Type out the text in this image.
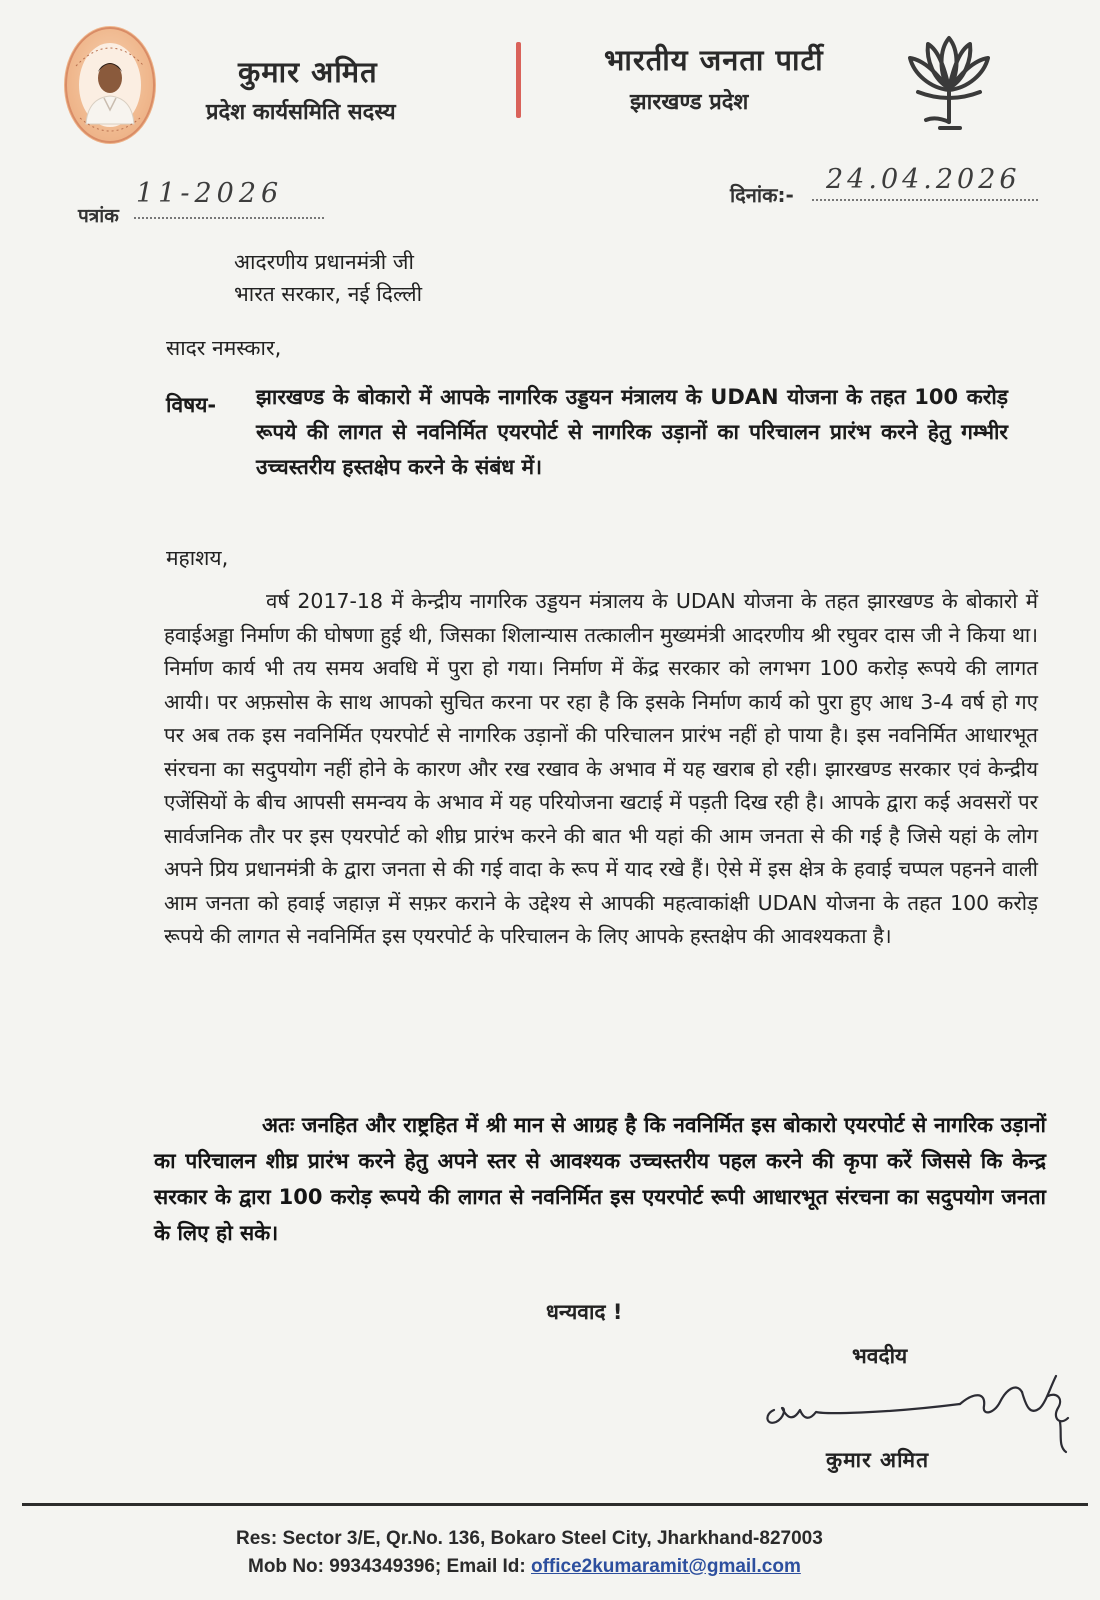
कुमार अमित
प्रदेश कार्यसमिति सदस्य
भारतीय जनता पार्टी
झारखण्ड प्रदेश
पत्रांक
11-2026	दिनांक:- 24.04.2026
आदरणीय प्रधानमंत्री जी
भारत सरकार, नई दिल्ली
सादर नमस्कार,
विषय- झारखण्ड के बोकारो में आपके नागरिक उड्डयन मंत्रालय के UDAN योजना के तहत 100 करोड़ रूपये की लागत से नवनिर्मित एयरपोर्ट से नागरिक उड़ानों का परिचालन प्रारंभ करने हेतु गम्भीर उच्चस्तरीय हस्तक्षेप करने के संबंध में।

महाशय,

वर्ष 2017-18 में केन्द्रीय नागरिक उड्डयन मंत्रालय के UDAN योजना के तहत झारखण्ड के बोकारो में हवाईअड्डा निर्माण की घोषणा हुई थी, जिसका शिलान्यास तत्कालीन मुख्यमंत्री आदरणीय श्री रघुवर दास जी ने किया था। निर्माण कार्य भी तय समय अवधि में पुरा हो गया। निर्माण में केंद्र सरकार को लगभग 100 करोड़ रूपये की लागत आयी। पर अफ़सोस के साथ आपको सुचित करना पर रहा है कि इसके निर्माण कार्य को पुरा हुए आध 3-4 वर्ष हो गए पर अब तक इस नवनिर्मित एयरपोर्ट से नागरिक उड़ानों की परिचालन प्रारंभ नहीं हो पाया है। इस नवनिर्मित आधारभूत संरचना का सदुपयोग नहीं होने के कारण और रख रखाव के अभाव में यह खराब हो रही। झारखण्ड सरकार एवं केन्द्रीय एजेंसियों के बीच आपसी समन्वय के अभाव में यह परियोजना खटाई में पड़ती दिख रही है। आपके द्वारा कई अवसरों पर सार्वजनिक तौर पर इस एयरपोर्ट को शीघ्र प्रारंभ करने की बात भी यहां की आम जनता से की गई है जिसे यहां के लोग अपने प्रिय प्रधानमंत्री के द्वारा जनता से की गई वादा के रूप में याद रखे हैं। ऐसे में इस क्षेत्र के हवाई चप्पल पहनने वाली आम जनता को हवाई जहाज़ में सफ़र कराने के उद्देश्य से आपकी महत्वाकांक्षी UDAN योजना के तहत 100 करोड़ रूपये की लागत से नवनिर्मित इस एयरपोर्ट के परिचालन के लिए आपके हस्तक्षेप की आवश्यकता है।

अतः जनहित और राष्ट्रहित में श्री मान से आग्रह है कि नवनिर्मित इस बोकारो एयरपोर्ट से नागरिक उड़ानों का परिचालन शीघ्र प्रारंभ करने हेतु अपने स्तर से आवश्यक उच्चस्तरीय पहल करने की कृपा करें जिससे कि केन्द्र सरकार के द्वारा 100 करोड़ रूपये की लागत से नवनिर्मित इस एयरपोर्ट रूपी आधारभूत संरचना का सदुपयोग जनता के लिए हो सके।

धन्यवाद !
भवदीय
कुमार अमित
Res: Sector 3/E, Qr.No. 136, Bokaro Steel City, Jharkhand-827003
Mob No: 9934349396; Email Id: office2kumaramit@gmail.com
